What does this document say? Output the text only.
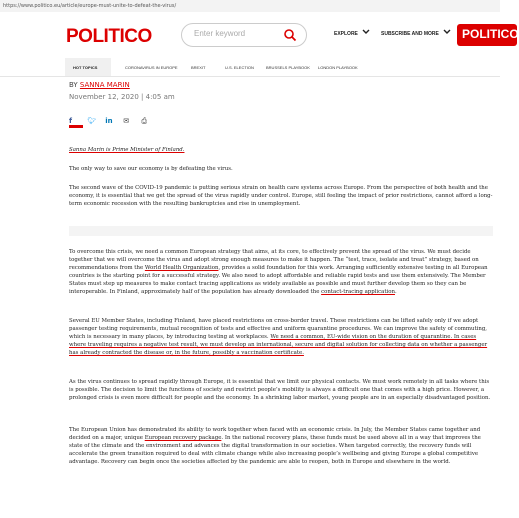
https://www.politico.eu/article/europe-must-unite-to-defeat-the-virus/
POLITICO	Enter keyword	EXPLORE	SUBSCRIBE AND MORE	POLITICO
HOT TOPICS	CORONAVIRUS IN EUROPE	BREXIT	U.S. ELECTION	BRUSSELS PLAYBOOK LONDON PLAYBOOK
BY SANNA MARIN
November 12, 2020 | 4:05 am
f 🐦︎ in ✉ ⎙
Sanna Marin is Prime Minister of Finland.
The only way to save our economy is by defeating the virus.
The second wave of the COVID-19 pandemic is putting serious strain on health care systems across Europe. From the perspective of both health and the economy, it is essential that we get the spread of the virus rapidly under control. Europe, still feeling the impact of prior restrictions, cannot afford a long-term economic recession with the resulting bankruptcies and rise in unemployment.
To overcome this crisis, we need a common European strategy that aims, at its core, to effectively prevent the spread of the virus. We must decide together that we will overcome the virus and adopt strong enough measures to make it happen. The “test, trace, isolate and treat” strategy, based on recommendations from the World Health Organization, provides a solid foundation for this work. Arranging sufficiently extensive testing in all European countries is the starting point for a successful strategy. We also need to adopt affordable and reliable rapid tests and use them extensively. The Member States must step up measures to make contact tracing applications as widely available as possible and must further develop them so they can be interoperable. In Finland, approximately half of the population has already downloaded the contact-tracing application.
Several EU Member States, including Finland, have placed restrictions on cross-border travel. These restrictions can be lifted safely only if we adopt passenger testing requirements, mutual recognition of tests and effective and uniform quarantine procedures. We can improve the safety of commuting, which is necessary in many places, by introducing testing at workplaces. We need a common, EU-wide vision on the duration of quarantine. In cases where traveling requires a negative test result, we must develop an international, secure and digital solution for collecting data on whether a passenger has already contracted the disease or, in the future, possibly a vaccination certificate.
As the virus continues to spread rapidly through Europe, it is essential that we limit our physical contacts. We must work remotely in all tasks where this is possible. The decision to limit the functions of society and restrict people’s mobility is always a difficult one that comes with a high price. However, a prolonged crisis is even more difficult for people and the economy. In a shrinking labor market, young people are in an especially disadvantaged position.
The European Union has demonstrated its ability to work together when faced with an economic crisis. In July, the Member States came together and decided on a major, unique European recovery package. In the national recovery plans, these funds must be used above all in a way that improves the state of the climate and the environment and advances the digital transformation in our societies. When targeted correctly, the recovery funds will accelerate the green transition required to deal with climate change while also increasing people’s wellbeing and giving Europe a global competitive advantage. Recovery can begin once the societies affected by the pandemic are able to reopen, both in Europe and elsewhere in the world.
